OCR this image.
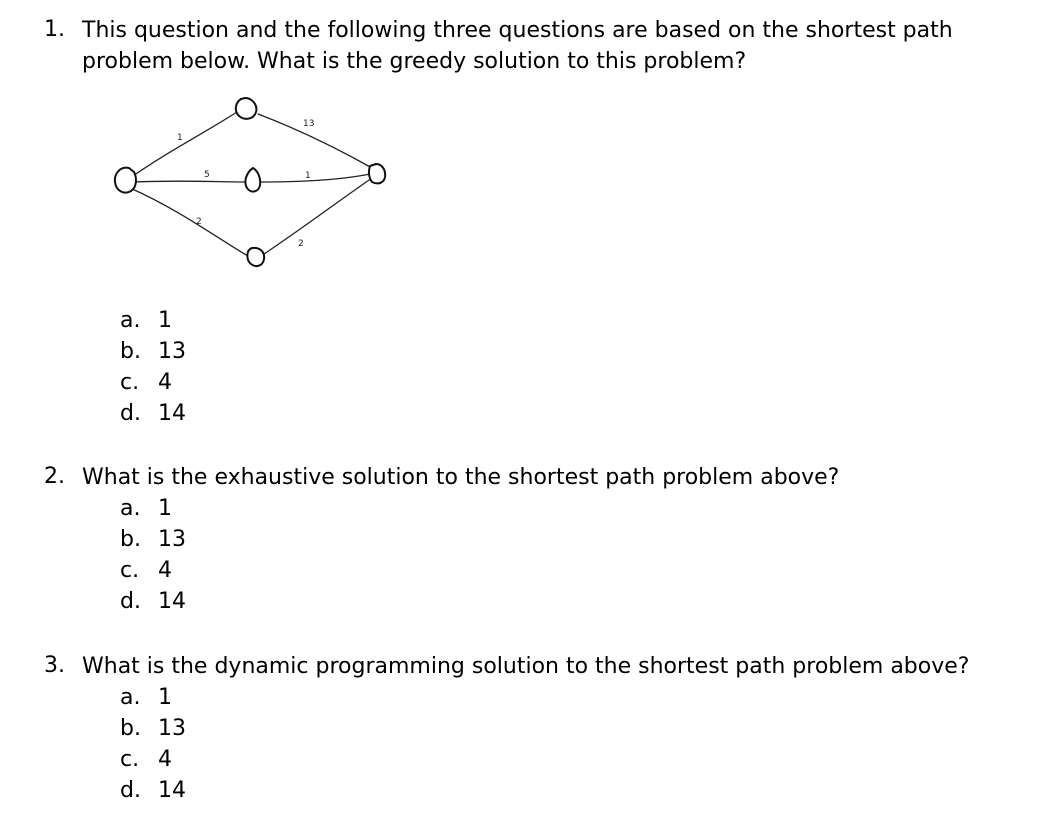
1. This question and the following three questions are based on the shortest path problem below. What is the greedy solution to this problem?
1
13
5	1
2
2
a. 1
b. 13
c. 4
d. 14
2. What is the exhaustive solution to the shortest path problem above?
a. 1
b. 13
c. 4
d. 14
3. What is the dynamic programming solution to the shortest path problem above?
a. 1
b. 13
c. 4
d. 14
